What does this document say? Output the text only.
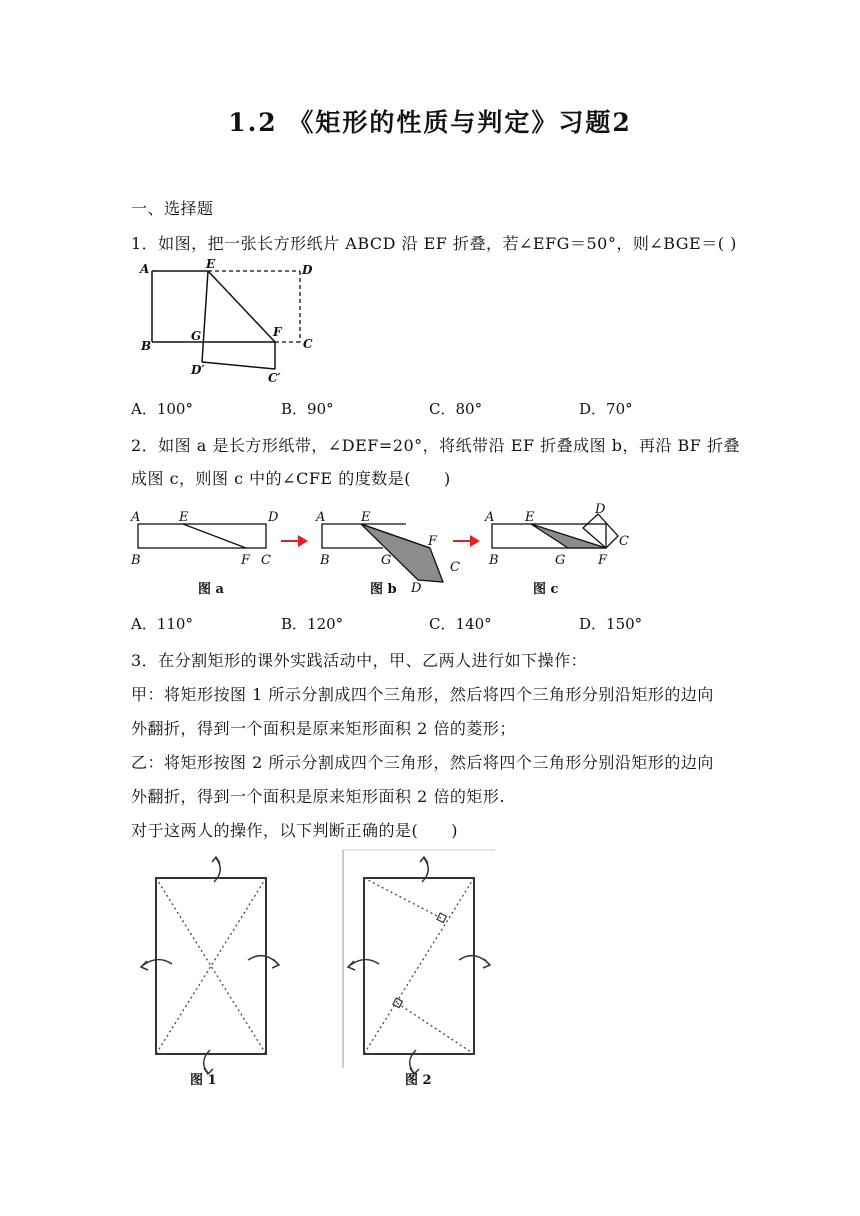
1.2 《矩形的性质与判定》习题2
一、选择题
1．如图，把一张长方形纸片 ABCD 沿 EF 折叠，若∠EFG＝50°，则∠BGE＝( )
A	E	D
B
G	F
C
D′
C′
A．100°	B．90°	C．80°	D．70°
2．如图 a 是长方形纸带，∠DEF=20°，将纸带沿 EF 折叠成图 b，再沿 BF 折叠
成图 c，则图 c 中的∠CFE 的度数是(　　)
A	E	D
B	F C
图 a
A	E
F
B	G	C
D
图 b
A E
D
C
B	G	F
图 c
A．110°	B．120°	C．140°	D．150°
3．在分割矩形的课外实践活动中，甲、乙两人进行如下操作：
甲：将矩形按图 1 所示分割成四个三角形，然后将四个三角形分别沿矩形的边向
外翻折，得到一个面积是原来矩形面积 2 倍的菱形；
乙：将矩形按图 2 所示分割成四个三角形，然后将四个三角形分别沿矩形的边向
外翻折，得到一个面积是原来矩形面积 2 倍的矩形.
对于这两人的操作，以下判断正确的是(　　)
图 1	图 2
